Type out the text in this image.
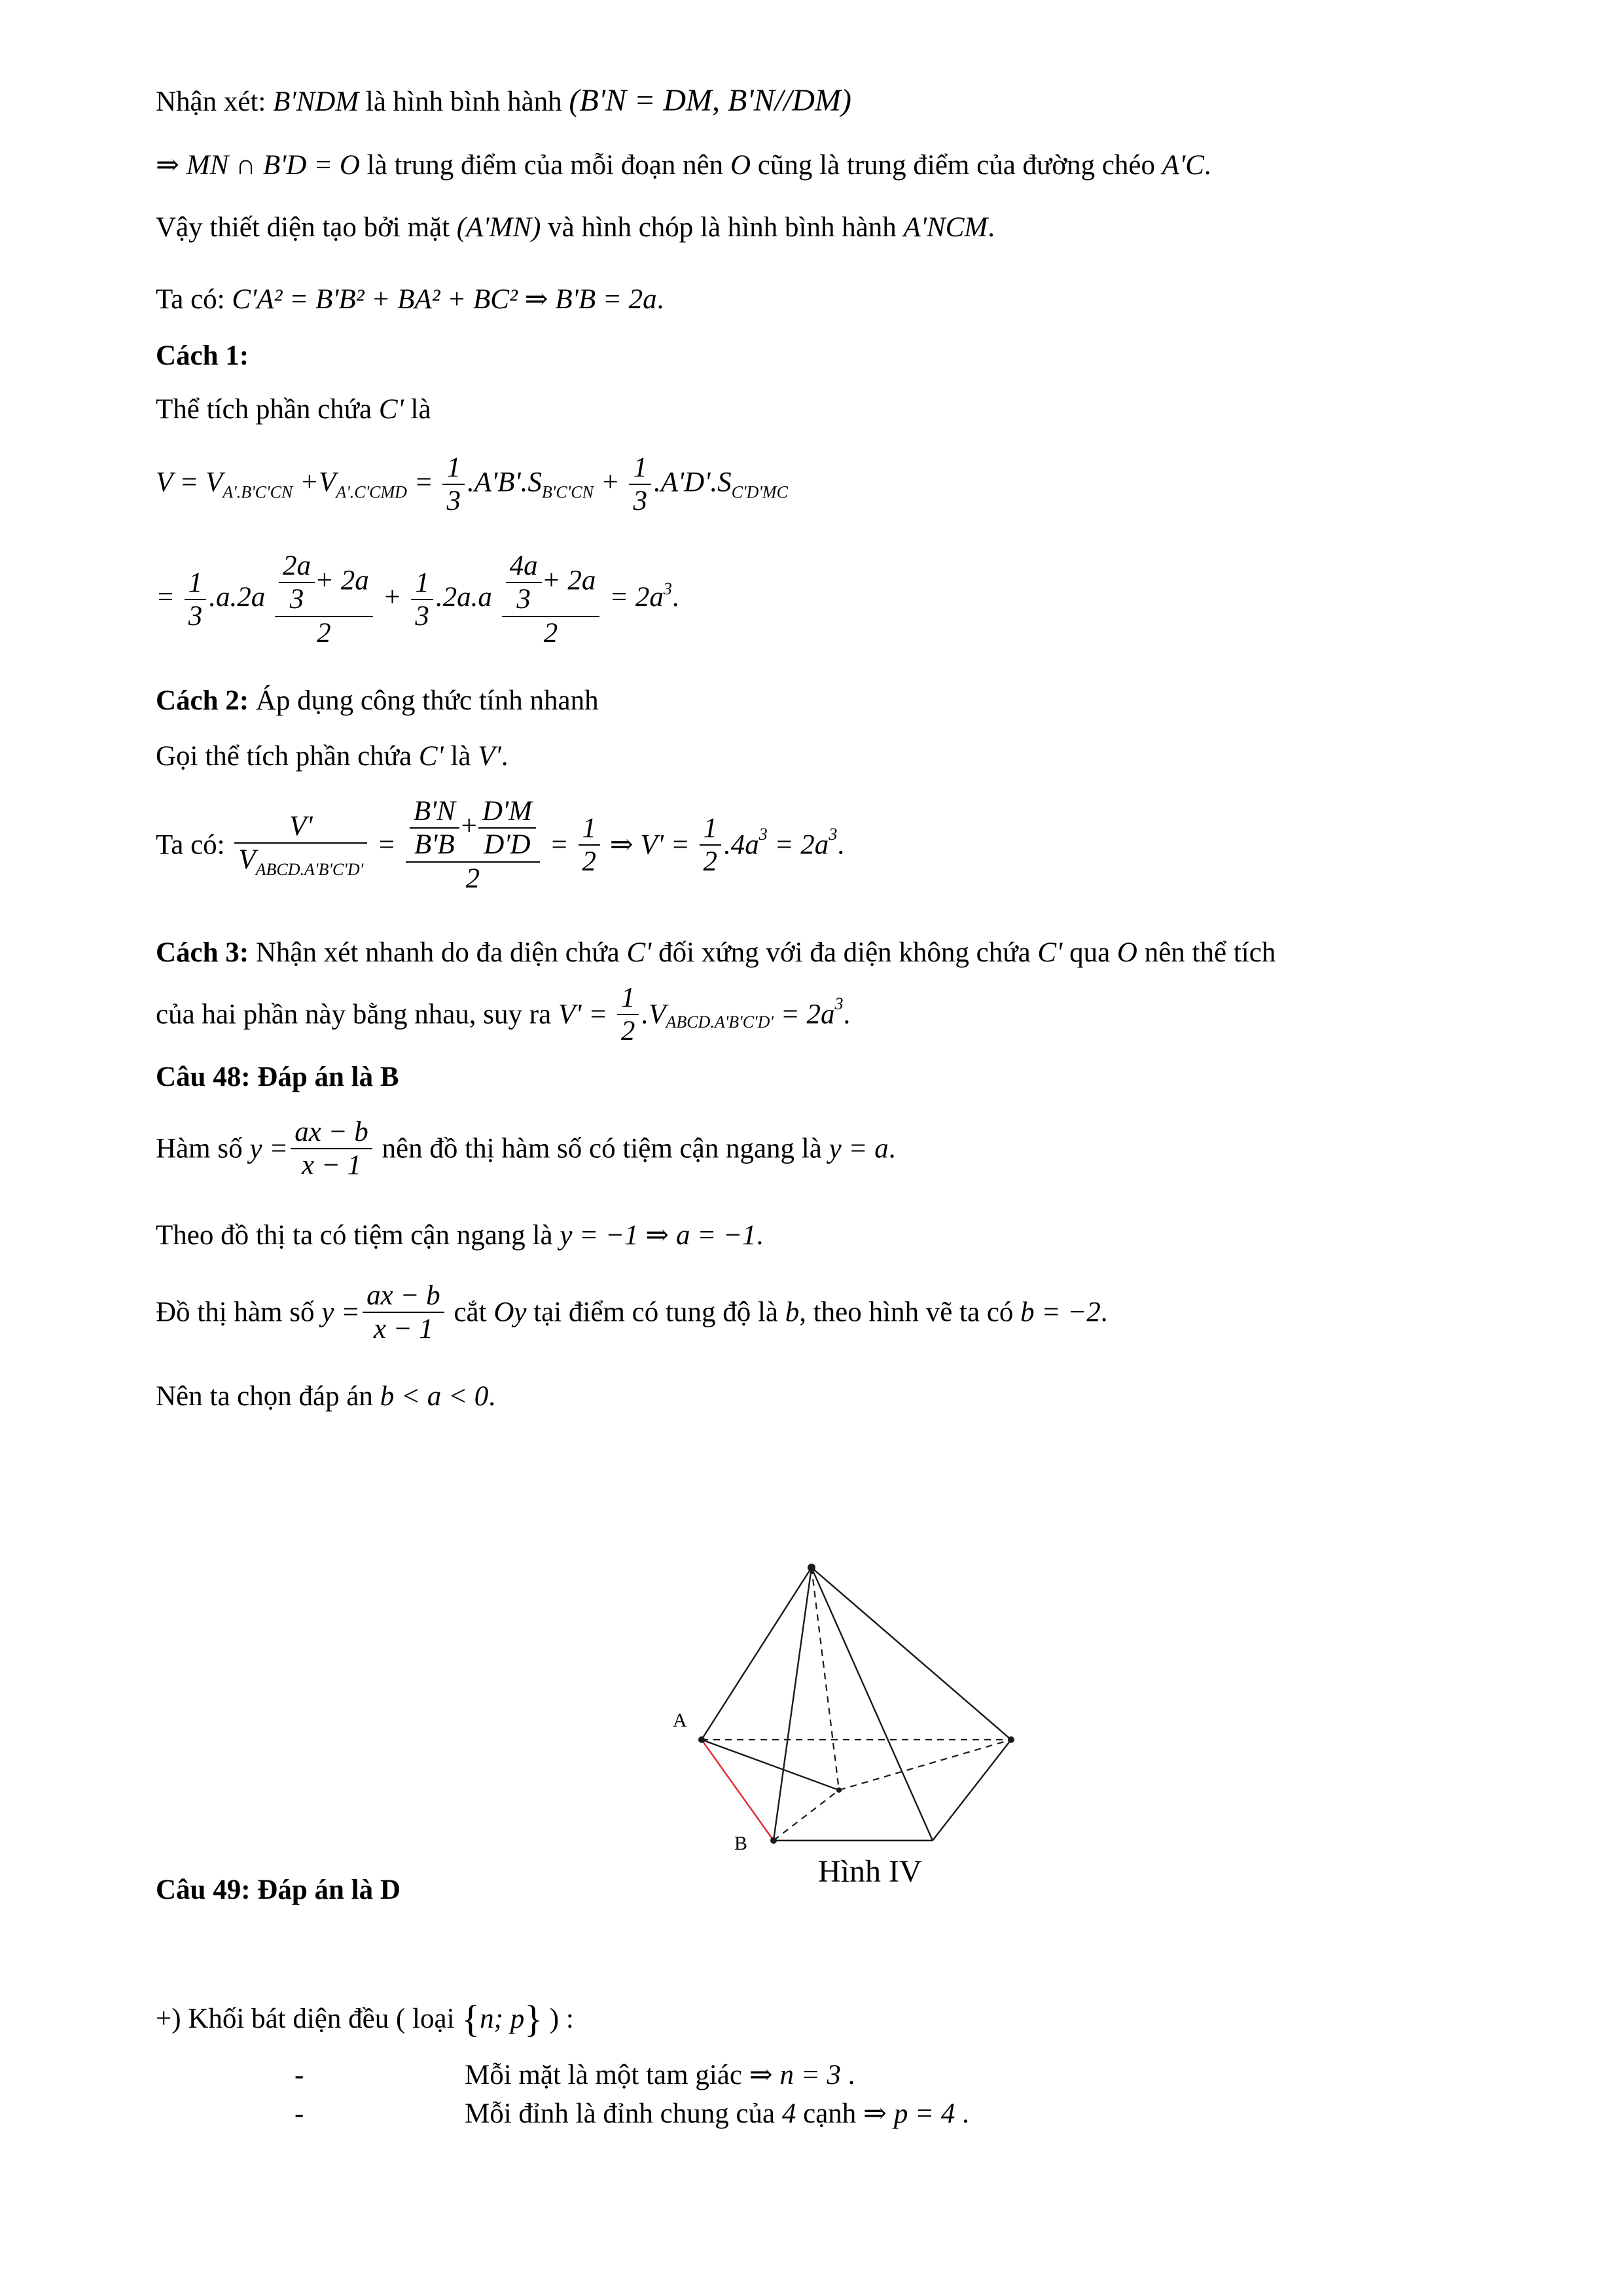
Nhận xét: B'NDM là hình bình hành (B'N = DM, B'N//DM)
⇒ MN ∩ B'D = O là trung điểm của mỗi đoạn nên O cũng là trung điểm của đường chéo A'C.
Vậy thiết diện tạo bởi mặt (A'MN) và hình chóp là hình bình hành A'NCM.
Ta có: C'A² = B'B² + BA² + BC² ⇒ B'B = 2a.
Cách 1:
Thể tích phần chứa C' là
$V = V_{A'.B'C'CN} +V_{A'.C'CMD} = \frac{1}{3} .A'B'.S_{B'C'CN} + \frac{1}{3} .A'D'.S_{C'D'MC}$
= $\frac{1}{3} .a.2a \frac{\frac{2a}{3} + 2a}{2} + \frac{1}{3} .2a.a \frac{\frac{4a}{3} + 2a}{2} = 2a^3$.
Cách 2: Áp dụng công thức tính nhanh
Gọi thể tích phần chứa C' là V'.
Ta có: $\frac{V'}{V_{ABCD.A'B'C'D'}} = \frac{\frac{B'N}{B'B} + \frac{D'M}{D'D}}{2} = \frac{1}{2}$ ⇒ $V' = \frac{1}{2} .4a^3 = 2a^3$.
Cách 3: Nhận xét nhanh do đa diện chứa C' đối xứng với đa diện không chứa C' qua O nên thể tích
của hai phần này bằng nhau, suy ra $V' = \frac{1}{2} .V_{ABCD.A'B'C'D'} = 2a^3$.
Câu 48: Đáp án là B
Hàm số $y = \frac{ax - b}{x - 1}$ nên đồ thị hàm số có tiệm cận ngang là y = a.
Theo đồ thị ta có tiệm cận ngang là y = −1 ⇒ a = −1.
Đồ thị hàm số $y = \frac{ax - b}{x - 1}$ cắt Oy tại điểm có tung độ là b, theo hình vẽ ta có b = −2.
Nên ta chọn đáp án b < a < 0.
A
B
Hình IV
Câu 49: Đáp án là D
+) Khối bát diện đều ( loại {n; p} ) :
-	Mỗi mặt là một tam giác ⇒ n = 3 .
-	Mỗi đỉnh là đỉnh chung của 4 cạnh ⇒ p = 4 .
